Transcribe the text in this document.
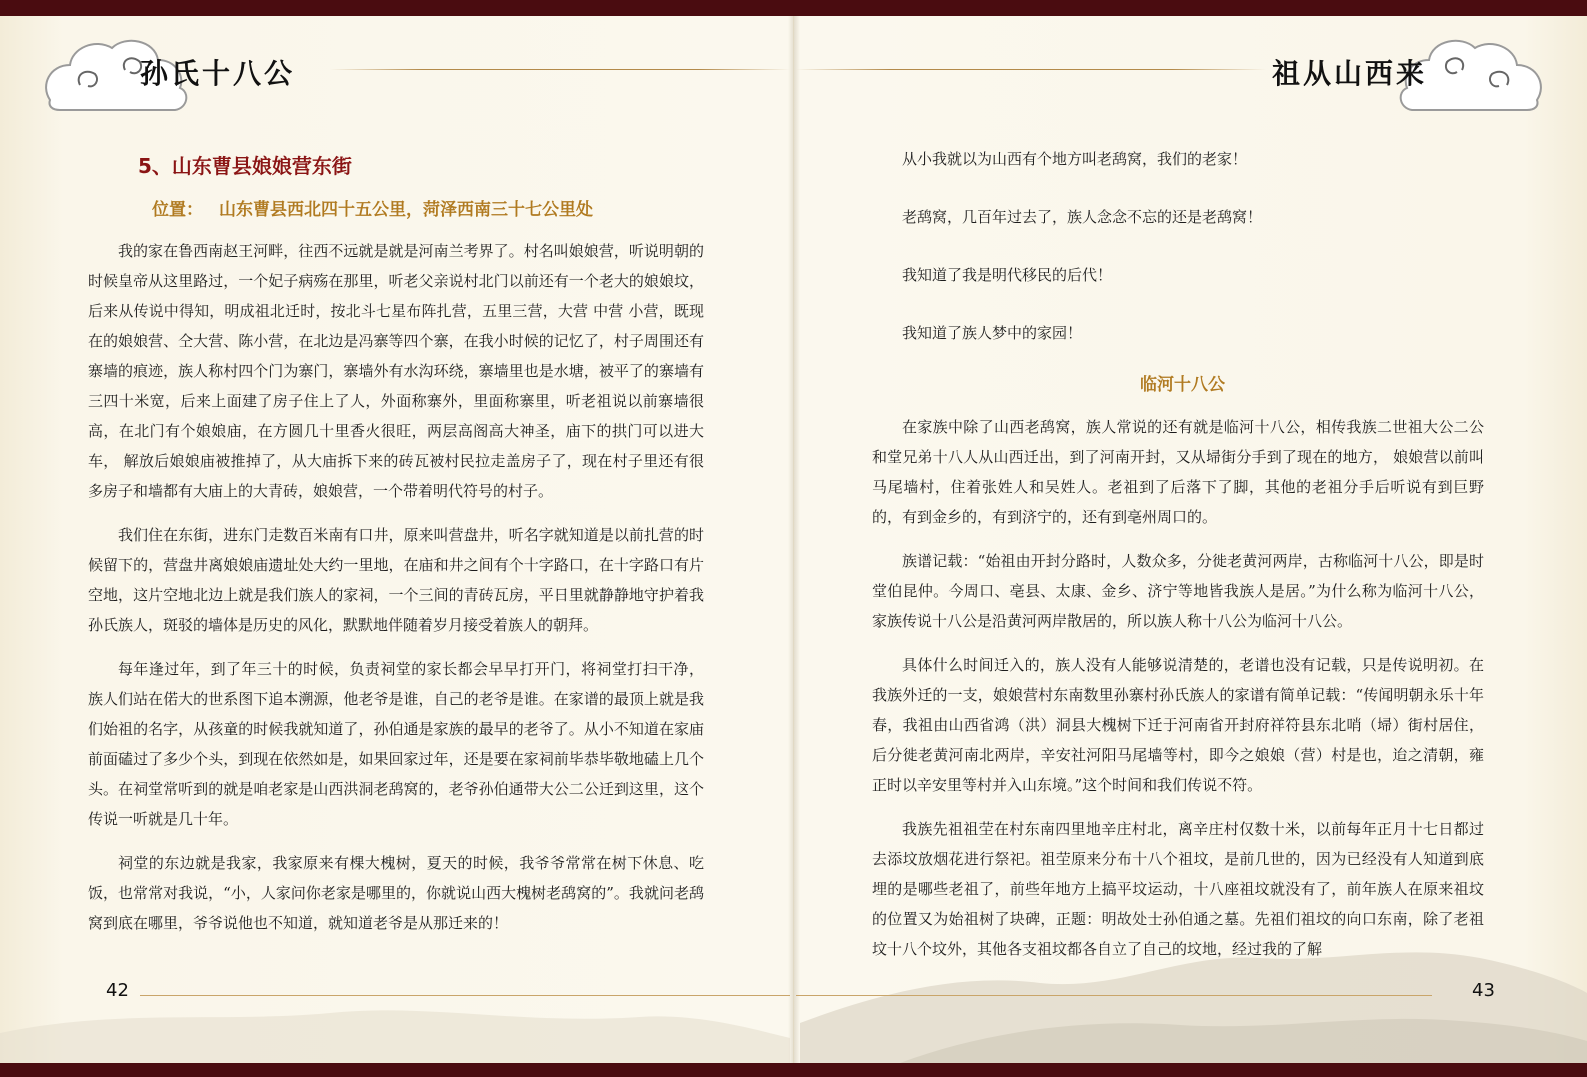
孙氏十八公	祖从山西来
5、山东曹县娘娘营东街
位置： 山东曹县西北四十五公里，菏泽西南三十七公里处

我的家在鲁西南赵王河畔，往西不远就是就是河南兰考界了。村名叫娘娘营，听说明朝的时候皇帝从这里路过，一个妃子病殇在那里，听老父亲说村北门以前还有一个老大的娘娘坟，后来从传说中得知，明成祖北迁时，按北斗七星布阵扎营，五里三营，大营 中营 小营，既现在的娘娘营、仝大营、陈小营，在北边是冯寨等四个寨，在我小时候的记忆了，村子周围还有寨墙的痕迹，族人称村四个门为寨门，寨墙外有水沟环绕，寨墙里也是水塘，被平了的寨墙有三四十米宽，后来上面建了房子住上了人，外面称寨外，里面称寨里，听老祖说以前寨墙很高，在北门有个娘娘庙，在方圆几十里香火很旺，两层高阁高大神圣，庙下的拱门可以进大车， 解放后娘娘庙被推掉了，从大庙拆下来的砖瓦被村民拉走盖房子了，现在村子里还有很多房子和墙都有大庙上的大青砖，娘娘营，一个带着明代符号的村子。

我们住在东街，进东门走数百米南有口井，原来叫营盘井，听名字就知道是以前扎营的时候留下的，营盘井离娘娘庙遗址处大约一里地，在庙和井之间有个十字路口，在十字路口有片空地，这片空地北边上就是我们族人的家祠，一个三间的青砖瓦房，平日里就静静地守护着我孙氏族人，斑驳的墙体是历史的风化，默默地伴随着岁月接受着族人的朝拜。

每年逢过年，到了年三十的时候，负责祠堂的家长都会早早打开门，将祠堂打扫干净， 族人们站在偌大的世系图下追本溯源，他老爷是谁，自己的老爷是谁。在家谱的最顶上就是我们始祖的名字，从孩童的时候我就知道了，孙伯通是家族的最早的老爷了。从小不知道在家庙前面磕过了多少个头，到现在依然如是，如果回家过年，还是要在家祠前毕恭毕敬地磕上几个头。在祠堂常听到的就是咱老家是山西洪洞老鸹窝的，老爷孙伯通带大公二公迁到这里，这个传说一听就是几十年。

祠堂的东边就是我家，我家原来有棵大槐树，夏天的时候，我爷爷常常在树下休息、吃饭，也常常对我说，“小，人家问你老家是哪里的，你就说山西大槐树老鸹窝的”。我就问老鸹窝到底在哪里，爷爷说他也不知道，就知道老爷是从那迁来的！

从小我就以为山西有个地方叫老鸹窝，我们的老家！

老鸹窝，几百年过去了，族人念念不忘的还是老鸹窝！

我知道了我是明代移民的后代！

我知道了族人梦中的家园！

临河十八公

在家族中除了山西老鸹窝，族人常说的还有就是临河十八公，相传我族二世祖大公二公和堂兄弟十八人从山西迁出，到了河南开封，又从埽街分手到了现在的地方， 娘娘营以前叫马尾墙村，住着张姓人和吴姓人。老祖到了后落下了脚，其他的老祖分手后听说有到巨野的，有到金乡的，有到济宁的，还有到亳州周口的。

族谱记载：“始祖由开封分路时，人数众多，分徙老黄河两岸，古称临河十八公，即是时堂伯昆仲。今周口、亳县、太康、金乡、济宁等地皆我族人是居。”为什么称为临河十八公，家族传说十八公是沿黄河两岸散居的，所以族人称十八公为临河十八公。

具体什么时间迁入的，族人没有人能够说清楚的，老谱也没有记载，只是传说明初。在我族外迁的一支，娘娘营村东南数里孙寨村孙氏族人的家谱有简单记载：“传闻明朝永乐十年春，我祖由山西省鸿（洪）洞县大槐树下迁于河南省开封府祥符县东北哨（埽）街村居住，后分徙老黄河南北两岸，辛安社河阳马尾墙等村，即今之娘娘（营）村是也，迨之清朝，雍正时以辛安里等村并入山东境。”这个时间和我们传说不符。

我族先祖祖茔在村东南四里地辛庄村北，离辛庄村仅数十米，以前每年正月十七日都过去添坟放烟花进行祭祀。祖茔原来分布十八个祖坟，是前几世的，因为已经没有人知道到底埋的是哪些老祖了，前些年地方上搞平坟运动，十八座祖坟就没有了，前年族人在原来祖坟的位置又为始祖树了块碑，正题：明故处士孙伯通之墓。先祖们祖坟的向口东南，除了老祖坟十八个坟外，其他各支祖坟都各自立了自己的坟地，经过我的了解

42	43
